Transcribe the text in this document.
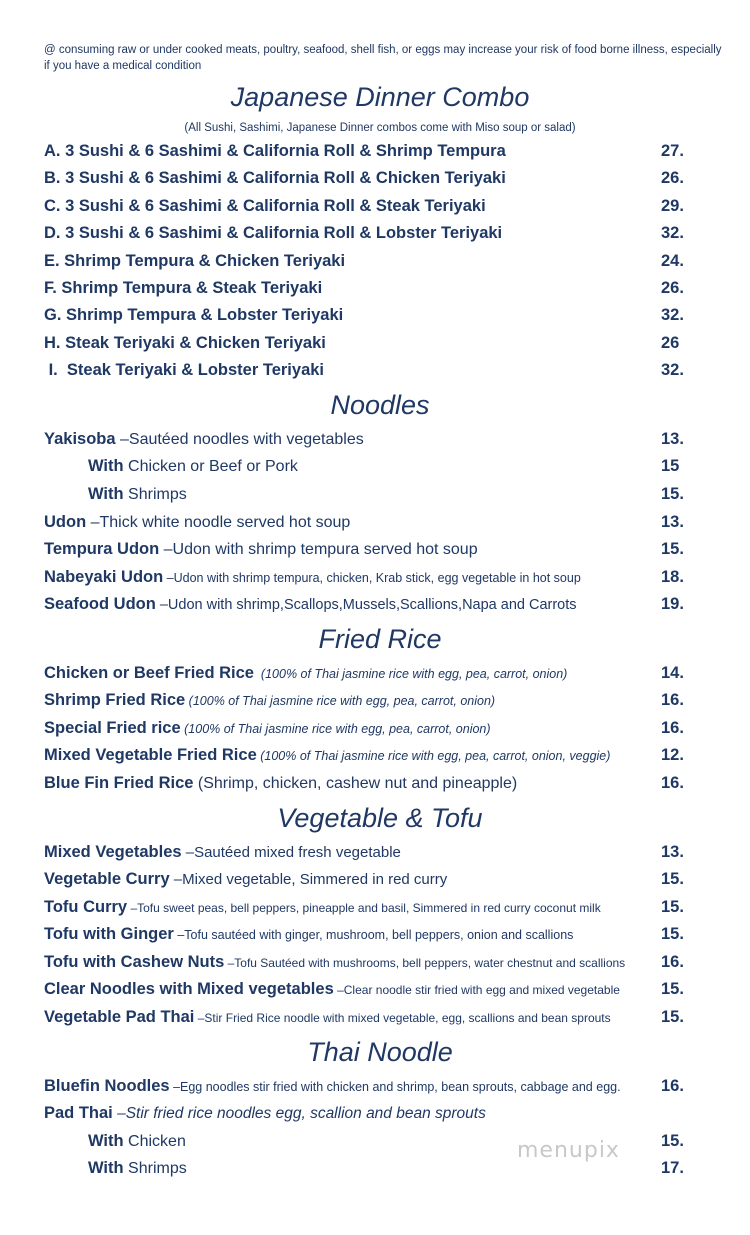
@ consuming raw or under cooked meats, poultry, seafood, shell fish, or eggs may increase your risk of food borne illness, especially if you have a medical condition
Japanese Dinner Combo
(All Sushi, Sashimi, Japanese Dinner combos come with Miso soup or salad)
A. 3 Sushi & 6 Sashimi & California Roll & Shrimp Tempura	27.
B. 3 Sushi & 6 Sashimi & California Roll & Chicken Teriyaki	26.
C. 3 Sushi & 6 Sashimi & California Roll & Steak Teriyaki	29.
D. 3 Sushi & 6 Sashimi & California Roll & Lobster Teriyaki	32.
E. Shrimp Tempura & Chicken Teriyaki	24.
F. Shrimp Tempura & Steak Teriyaki	26.
G. Shrimp Tempura & Lobster Teriyaki	32.
H. Steak Teriyaki & Chicken Teriyaki	26
I.  Steak Teriyaki & Lobster Teriyaki	32.
Noodles
Yakisoba –Sautéed noodles with vegetables	13.
With Chicken or Beef or Pork	15
With Shrimps	15.
Udon –Thick white noodle served hot soup	13.
Tempura Udon –Udon with shrimp tempura served hot soup	15.
Nabeyaki Udon –Udon with shrimp tempura, chicken, Krab stick, egg vegetable in hot soup	18.
Seafood Udon –Udon with shrimp,Scallops,Mussels,Scallions,Napa and Carrots	19.
Fried Rice
Chicken or Beef Fried Rice  (100% of Thai jasmine rice with egg, pea, carrot, onion)	14.
Shrimp Fried Rice (100% of Thai jasmine rice with egg, pea, carrot, onion)	16.
Special Fried rice (100% of Thai jasmine rice with egg, pea, carrot, onion)	16.
Mixed Vegetable Fried Rice (100% of Thai jasmine rice with egg, pea, carrot, onion, veggie)	12.
Blue Fin Fried Rice (Shrimp, chicken, cashew nut and pineapple)	16.
Vegetable & Tofu
Mixed Vegetables –Sautéed mixed fresh vegetable	13.
Vegetable Curry –Mixed vegetable, Simmered in red curry	15.
Tofu Curry –Tofu sweet peas, bell peppers, pineapple and basil, Simmered in red curry coconut milk	15.
Tofu with Ginger –Tofu sautéed with ginger, mushroom, bell peppers, onion and scallions	15.
Tofu with Cashew Nuts –Tofu Sautéed with mushrooms, bell peppers, water chestnut and scallions 16.
Clear Noodles with Mixed vegetables –Clear noodle stir fried with egg and mixed vegetable 15.
Vegetable Pad Thai –Stir Fried Rice noodle with mixed vegetable, egg, scallions and bean sprouts	15.
Thai Noodle
Bluefin Noodles –Egg noodles stir fried with chicken and shrimp, bean sprouts, cabbage and egg. 16.
Pad Thai –Stir fried rice noodles egg, scallion and bean sprouts
With Chicken	15.
With Shrimps	17.
menupix
